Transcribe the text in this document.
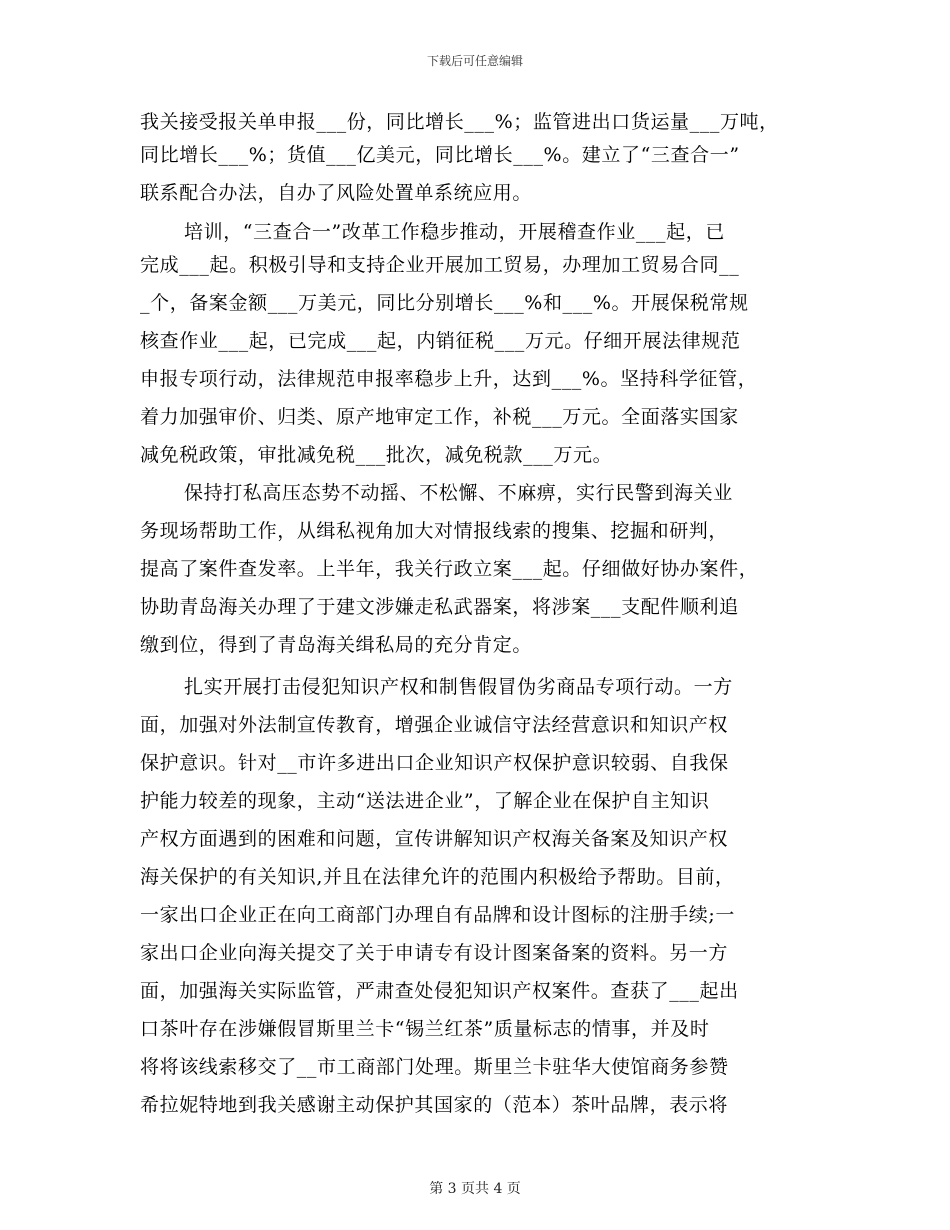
下载后可任意编辑
我关接受报关单申报___份，同比增长___%；监管进出口货运量___万吨，
同比增长___%；货值___亿美元，同比增长___%。建立了“三查合一”
联系配合办法，自办了风险处置单系统应用。
培训，“三查合一”改革工作稳步推动，开展稽查作业___起，已
完成___起。积极引导和支持企业开展加工贸易，办理加工贸易合同__
_个，备案金额___万美元，同比分别增长___%和___%。开展保税常规
核查作业___起，已完成___起，内销征税___万元。仔细开展法律规范
申报专项行动，法律规范申报率稳步上升，达到___%。坚持科学征管，
着力加强审价、归类、原产地审定工作，补税___万元。全面落实国家
减免税政策，审批减免税___批次，减免税款___万元。
保持打私高压态势不动摇、不松懈、不麻痹，实行民警到海关业
务现场帮助工作，从缉私视角加大对情报线索的搜集、挖掘和研判，
提高了案件查发率。上半年，我关行政立案___起。仔细做好协办案件，
协助青岛海关办理了于建文涉嫌走私武器案，将涉案___支配件顺利追
缴到位，得到了青岛海关缉私局的充分肯定。
扎实开展打击侵犯知识产权和制售假冒伪劣商品专项行动。一方
面，加强对外法制宣传教育，增强企业诚信守法经营意识和知识产权
保护意识。针对__市许多进出口企业知识产权保护意识较弱、自我保
护能力较差的现象，主动“送法进企业”，了解企业在保护自主知识
产权方面遇到的困难和问题，宣传讲解知识产权海关备案及知识产权
海关保护的有关知识,并且在法律允许的范围内积极给予帮助。目前，
一家出口企业正在向工商部门办理自有品牌和设计图标的注册手续;一
家出口企业向海关提交了关于申请专有设计图案备案的资料。另一方
面，加强海关实际监管，严肃查处侵犯知识产权案件。查获了___起出
口茶叶存在涉嫌假冒斯里兰卡“锡兰红茶”质量标志的情事，并及时
将将该线索移交了__市工商部门处理。斯里兰卡驻华大使馆商务参赞
希拉妮特地到我关感谢主动保护其国家的（范本）茶叶品牌，表示将
第 3 页共 4 页
